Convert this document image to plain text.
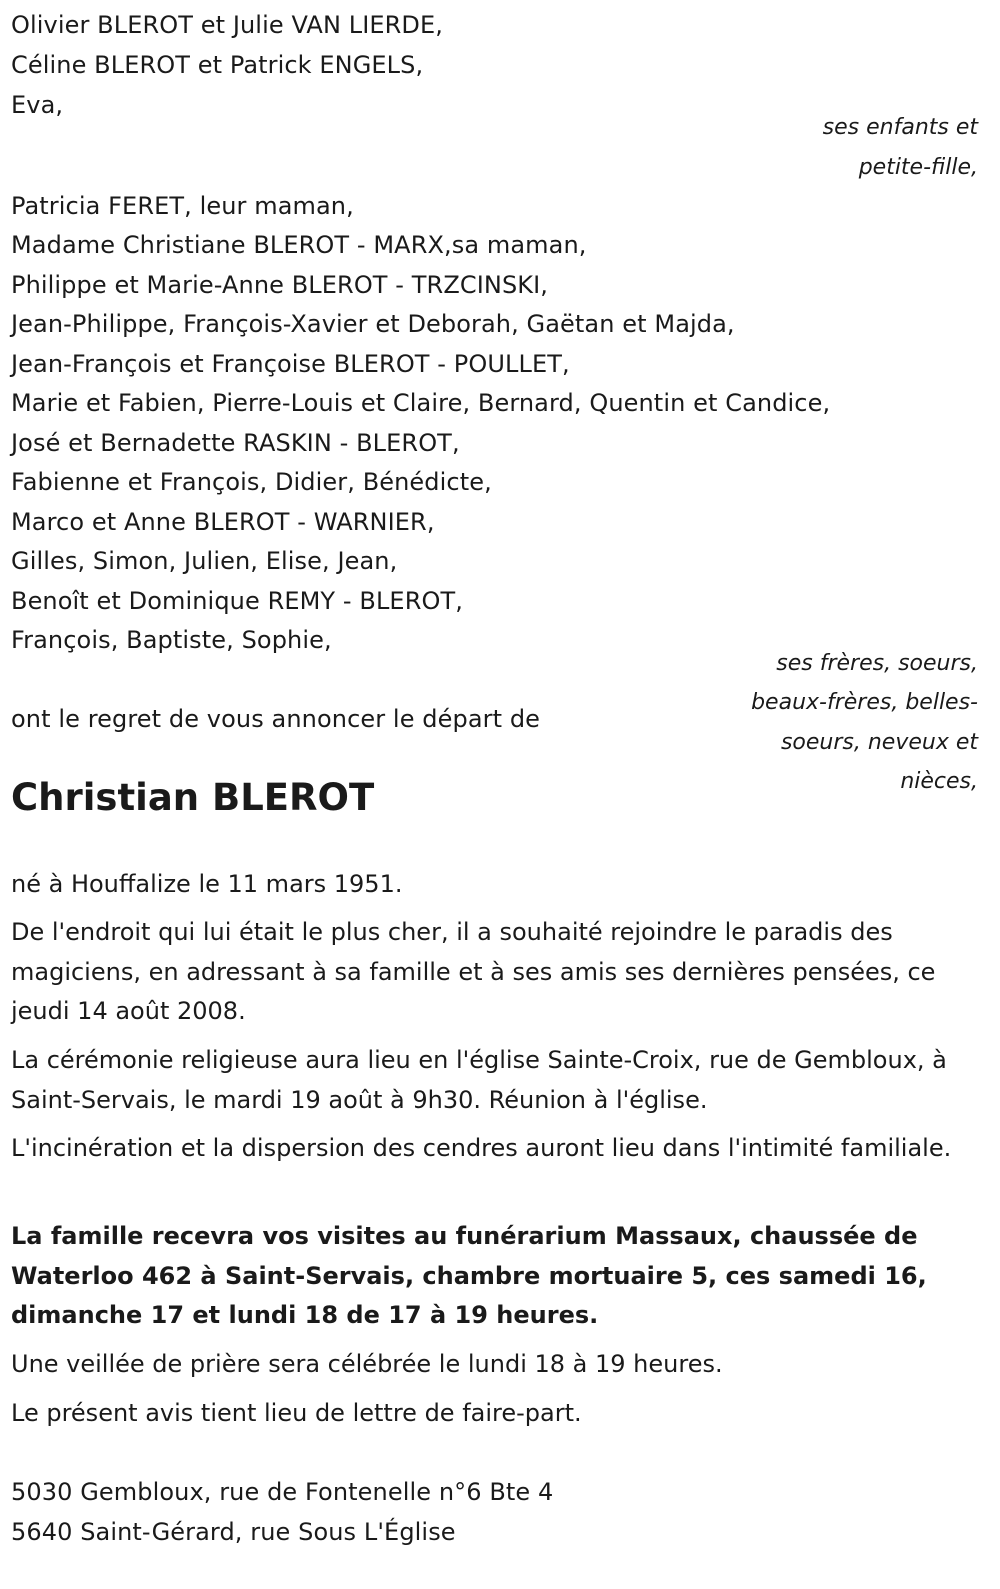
Olivier BLEROT et Julie VAN LIERDE,
Céline BLEROT et Patrick ENGELS,
Eva,
ses enfants et
petite-fille,
Patricia FERET, leur maman,
Madame Christiane BLEROT - MARX,sa maman,
Philippe et Marie-Anne BLEROT - TRZCINSKI,
Jean-Philippe, François-Xavier et Deborah, Gaëtan et Majda,
Jean-François et Françoise BLEROT - POULLET,
Marie et Fabien, Pierre-Louis et Claire, Bernard, Quentin et Candice,
José et Bernadette RASKIN - BLEROT,
Fabienne et François, Didier, Bénédicte,
Marco et Anne BLEROT - WARNIER,
Gilles, Simon, Julien, Elise, Jean,
Benoît et Dominique REMY - BLEROT,
François, Baptiste, Sophie,
ses frères, soeurs,
beaux-frères, belles-
soeurs, neveux et
nièces,
ont le regret de vous annoncer le départ de
Christian BLEROT
né à Houffalize le 11 mars 1951.
De l'endroit qui lui était le plus cher, il a souhaité rejoindre le paradis des magiciens, en adressant à sa famille et à ses amis ses dernières pensées, ce jeudi 14 août 2008.
La cérémonie religieuse aura lieu en l'église Sainte-Croix, rue de Gembloux, à Saint-Servais, le mardi 19 août à 9h30. Réunion à l'église.
L'incinération et la dispersion des cendres auront lieu dans l'intimité familiale.
La famille recevra vos visites au funérarium Massaux, chaussée de Waterloo 462 à Saint-Servais, chambre mortuaire 5, ces samedi 16, dimanche 17 et lundi 18 de 17 à 19 heures.
Une veillée de prière sera célébrée le lundi 18 à 19 heures.
Le présent avis tient lieu de lettre de faire-part.
5030 Gembloux, rue de Fontenelle n°6 Bte 4
5640 Saint-Gérard, rue Sous L'Église
